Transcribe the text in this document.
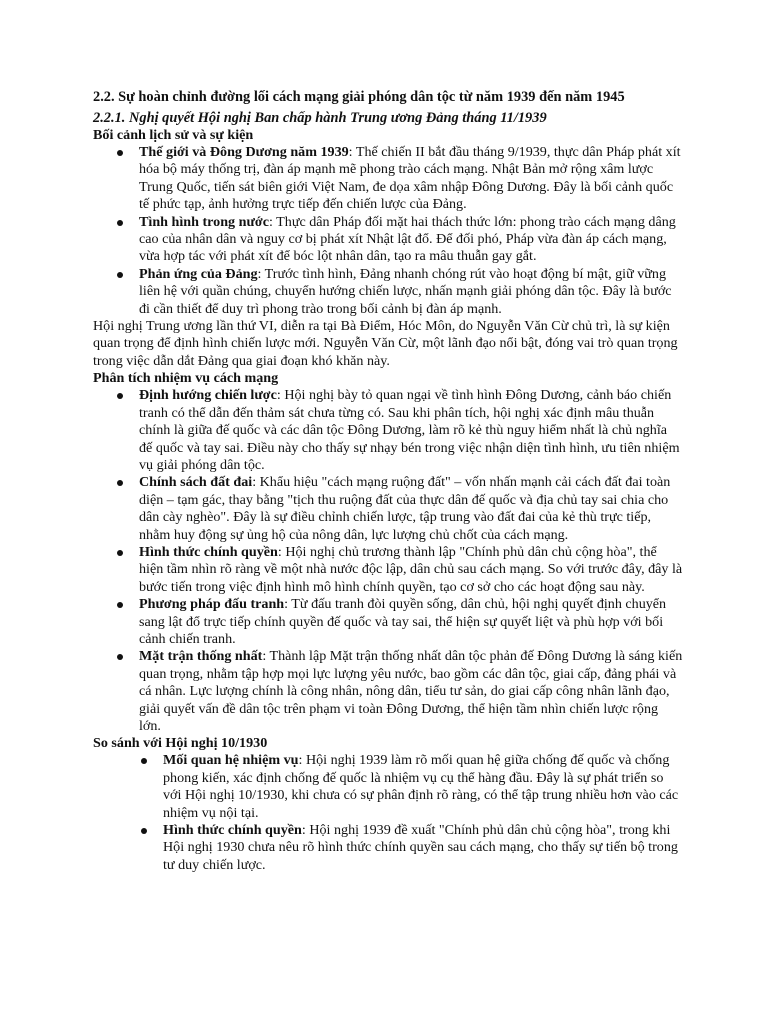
2.2. Sự hoàn chỉnh đường lối cách mạng giải phóng dân tộc từ năm 1939 đến năm 1945
2.2.1. Nghị quyết Hội nghị Ban chấp hành Trung ương Đảng tháng 11/1939
Bối cảnh lịch sử và sự kiện
Thế giới và Đông Dương năm 1939: Thế chiến II bắt đầu tháng 9/1939, thực dân Pháp phát xít hóa bộ máy thống trị, đàn áp mạnh mẽ phong trào cách mạng. Nhật Bản mở rộng xâm lược Trung Quốc, tiến sát biên giới Việt Nam, đe dọa xâm nhập Đông Dương. Đây là bối cảnh quốc tế phức tạp, ảnh hưởng trực tiếp đến chiến lược của Đảng.
Tình hình trong nước: Thực dân Pháp đối mặt hai thách thức lớn: phong trào cách mạng dâng cao của nhân dân và nguy cơ bị phát xít Nhật lật đổ. Để đối phó, Pháp vừa đàn áp cách mạng, vừa hợp tác với phát xít để bóc lột nhân dân, tạo ra mâu thuẫn gay gắt.
Phản ứng của Đảng: Trước tình hình, Đảng nhanh chóng rút vào hoạt động bí mật, giữ vững liên hệ với quần chúng, chuyển hướng chiến lược, nhấn mạnh giải phóng dân tộc. Đây là bước đi cần thiết để duy trì phong trào trong bối cảnh bị đàn áp mạnh.

Hội nghị Trung ương lần thứ VI, diễn ra tại Bà Điểm, Hóc Môn, do Nguyễn Văn Cừ chủ trì, là sự kiện quan trọng để định hình chiến lược mới. Nguyễn Văn Cừ, một lãnh đạo nổi bật, đóng vai trò quan trọng trong việc dẫn dắt Đảng qua giai đoạn khó khăn này.

Phân tích nhiệm vụ cách mạng
Định hướng chiến lược: Hội nghị bày tỏ quan ngại về tình hình Đông Dương, cảnh báo chiến tranh có thể dẫn đến thảm sát chưa từng có. Sau khi phân tích, hội nghị xác định mâu thuẫn chính là giữa đế quốc và các dân tộc Đông Dương, làm rõ kẻ thù nguy hiểm nhất là chủ nghĩa đế quốc và tay sai. Điều này cho thấy sự nhạy bén trong việc nhận diện tình hình, ưu tiên nhiệm vụ giải phóng dân tộc.
Chính sách đất đai: Khẩu hiệu "cách mạng ruộng đất" – vốn nhấn mạnh cải cách đất đai toàn diện – tạm gác, thay bằng "tịch thu ruộng đất của thực dân đế quốc và địa chủ tay sai chia cho dân cày nghèo". Đây là sự điều chỉnh chiến lược, tập trung vào đất đai của kẻ thù trực tiếp, nhằm huy động sự ủng hộ của nông dân, lực lượng chủ chốt của cách mạng.
Hình thức chính quyền: Hội nghị chủ trương thành lập "Chính phủ dân chủ cộng hòa", thể hiện tầm nhìn rõ ràng về một nhà nước độc lập, dân chủ sau cách mạng. So với trước đây, đây là bước tiến trong việc định hình mô hình chính quyền, tạo cơ sở cho các hoạt động sau này.
Phương pháp đấu tranh: Từ đấu tranh đòi quyền sống, dân chủ, hội nghị quyết định chuyển sang lật đổ trực tiếp chính quyền đế quốc và tay sai, thể hiện sự quyết liệt và phù hợp với bối cảnh chiến tranh.
Mặt trận thống nhất: Thành lập Mặt trận thống nhất dân tộc phản đế Đông Dương là sáng kiến quan trọng, nhằm tập hợp mọi lực lượng yêu nước, bao gồm các dân tộc, giai cấp, đảng phái và cá nhân. Lực lượng chính là công nhân, nông dân, tiểu tư sản, do giai cấp công nhân lãnh đạo, giải quyết vấn đề dân tộc trên phạm vi toàn Đông Dương, thể hiện tầm nhìn chiến lược rộng lớn.
So sánh với Hội nghị 10/1930
Mối quan hệ nhiệm vụ: Hội nghị 1939 làm rõ mối quan hệ giữa chống đế quốc và chống phong kiến, xác định chống đế quốc là nhiệm vụ cụ thể hàng đầu. Đây là sự phát triển so với Hội nghị 10/1930, khi chưa có sự phân định rõ ràng, có thể tập trung nhiều hơn vào các nhiệm vụ nội tại.
Hình thức chính quyền: Hội nghị 1939 đề xuất "Chính phủ dân chủ cộng hòa", trong khi Hội nghị 1930 chưa nêu rõ hình thức chính quyền sau cách mạng, cho thấy sự tiến bộ trong tư duy chiến lược.
